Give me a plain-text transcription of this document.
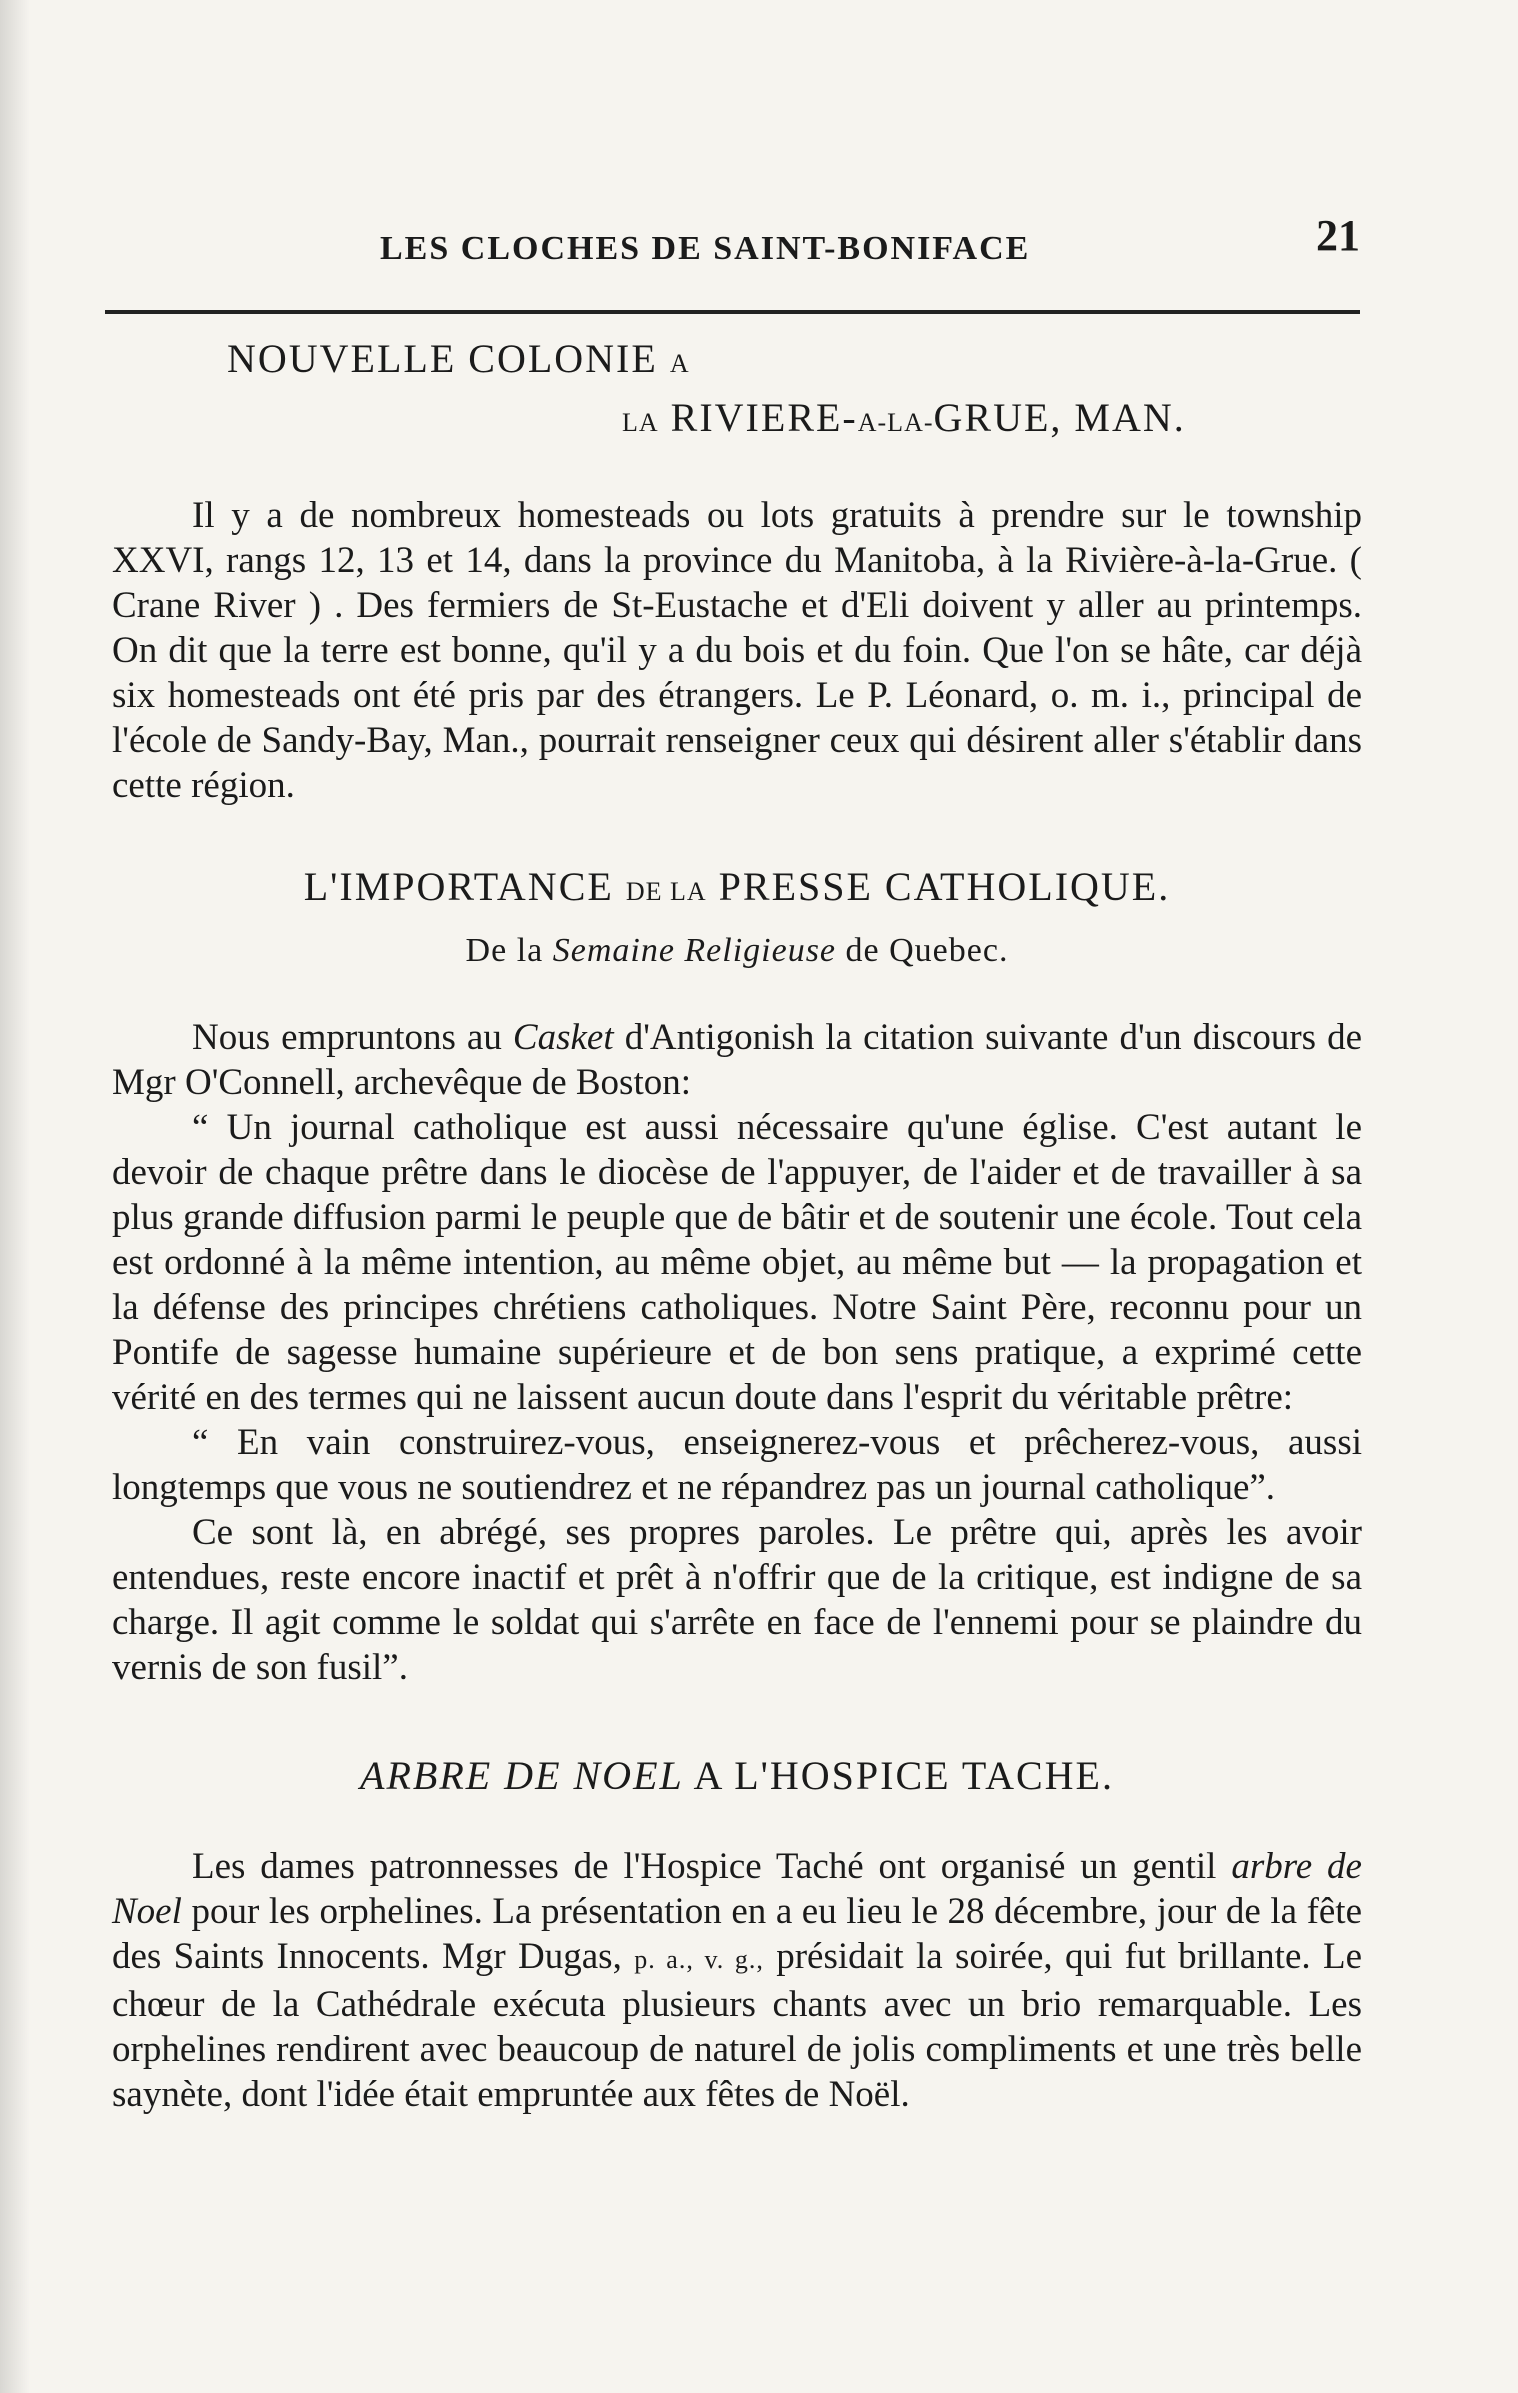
LES CLOCHES DE SAINT-BONIFACE	21

NOUVELLE COLONIE A

LA RIVIERE-A-LA-GRUE, MAN.

Il y a de nombreux homesteads ou lots gratuits à prendre sur le township XXVI, rangs 12, 13 et 14, dans la province du Manitoba, à la Rivière-à-la-Grue. ( Crane River ) . Des fermiers de St-Eustache et d'Eli doivent y aller au printemps. On dit que la terre est bonne, qu'il y a du bois et du foin. Que l'on se hâte, car déjà six homesteads ont été pris par des étrangers. Le P. Léonard, o. m. i., principal de l'école de Sandy-Bay, Man., pourrait renseigner ceux qui désirent aller s'établir dans cette région.

L'IMPORTANCE DE LA PRESSE CATHOLIQUE.

De la Semaine Religieuse de Quebec.

Nous empruntons au Casket d'Antigonish la citation suivante d'un discours de Mgr O'Connell, archevêque de Boston:

“ Un journal catholique est aussi nécessaire qu'une église. C'est autant le devoir de chaque prêtre dans le diocèse de l'appuyer, de l'aider et de travailler à sa plus grande diffusion parmi le peuple que de bâtir et de soutenir une école. Tout cela est ordonné à la même intention, au même objet, au même but — la propagation et la défense des principes chrétiens catholiques. Notre Saint Père, reconnu pour un Pontife de sagesse humaine supérieure et de bon sens pratique, a exprimé cette vérité en des termes qui ne laissent aucun doute dans l'esprit du véritable prêtre:

“ En vain construirez-vous, enseignerez-vous et prêcherez-vous, aussi longtemps que vous ne soutiendrez et ne répandrez pas un journal catholique”.

Ce sont là, en abrégé, ses propres paroles. Le prêtre qui, après les avoir entendues, reste encore inactif et prêt à n'offrir que de la critique, est indigne de sa charge. Il agit comme le soldat qui s'arrête en face de l'ennemi pour se plaindre du vernis de son fusil”.

ARBRE DE NOEL A L'HOSPICE TACHE.

Les dames patronnesses de l'Hospice Taché ont organisé un gentil arbre de Noel pour les orphelines. La présentation en a eu lieu le 28 décembre, jour de la fête des Saints Innocents. Mgr Dugas, p. a., v. g., présidait la soirée, qui fut brillante. Le chœur de la Cathédrale exécuta plusieurs chants avec un brio remarquable. Les orphelines rendirent avec beaucoup de naturel de jolis compliments et une très belle saynète, dont l'idée était empruntée aux fêtes de Noël.
